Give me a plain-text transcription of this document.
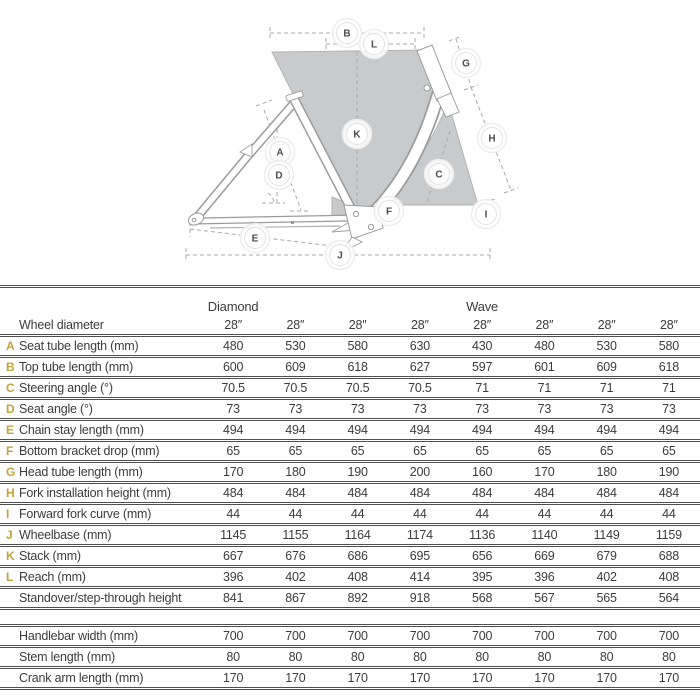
B
L
G
H
K
A
D	C
F	I
E
J
Diamond	Wave
Wheel diameter	28″	28″	28″	28″	28″	28″	28″	28″
A Seat tube length (mm)	480	530	580	630	430	480	530	580
B Top tube length (mm)	600	609	618	627	597	601	609	618
C Steering angle (°)	70.5	70.5	70.5	70.5	71	71	71	71
D Seat angle (°)	73	73	73	73	73	73	73	73
E Chain stay length (mm)	494	494	494	494	494	494	494	494
F Bottom bracket drop (mm)	65	65	65	65	65	65	65	65
G Head tube length (mm)	170	180	190	200	160	170	180	190
H Fork installation height (mm)	484	484	484	484	484	484	484	484
I Forward fork curve (mm)	44	44	44	44	44	44	44	44
J Wheelbase (mm)	1145	1155	1164	1174	1136	1140	1149	1159
K Stack (mm)	667	676	686	695	656	669	679	688
L Reach (mm)	396	402	408	414	395	396	402	408
Standover/step-through height	841	867	892	918	568	567	565	564
Handlebar width (mm)	700	700	700	700	700	700	700	700
Stem length (mm)	80	80	80	80	80	80	80	80
Crank arm length (mm)	170	170	170	170	170	170	170	170
